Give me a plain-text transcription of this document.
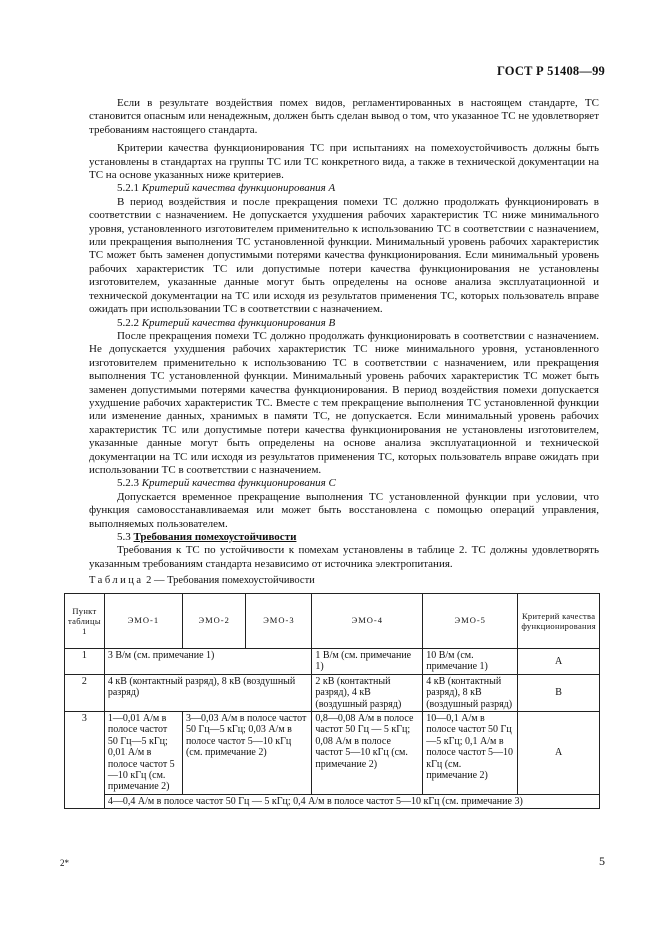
ГОСТ Р 51408—99

Если в результате воздействия помех видов, регламентированных в настоящем стандарте, ТС становится опасным или ненадежным, должен быть сделан вывод о том, что указанное ТС не удовлетворяет требованиям настоящего стандарта.

Критерии качества функционирования ТС при испытаниях на помехоустойчивость должны быть установлены в стандартах на группы ТС или ТС конкретного вида, а также в технической документации на ТС на основе указанных ниже критериев.

5.2.1 Критерий качества функционирования А

В период воздействия и после прекращения помехи ТС должно продолжать функционировать в соответствии с назначением. Не допускается ухудшения рабочих характеристик ТС ниже минимального уровня, установленного изготовителем применительно к использованию ТС в соответствии с назначением, или прекращения выполнения ТС установленной функции. Минимальный уровень рабочих характеристик ТС может быть заменен допустимыми потерями качества функционирования. Если минимальный уровень рабочих характеристик ТС или допустимые потери качества функционирования не установлены изготовителем, указанные данные могут быть определены на основе анализа эксплуатационной и технической документации на ТС или исходя из результатов применения ТС, которых пользователь вправе ожидать при использовании ТС в соответствии с назначением.

5.2.2 Критерий качества функционирования В

После прекращения помехи ТС должно продолжать функционировать в соответствии с назначением. Не допускается ухудшения рабочих характеристик ТС ниже минимального уровня, установленного изготовителем применительно к использованию ТС в соответствии с назначением, или прекращения выполнения ТС установленной функции. Минимальный уровень рабочих характеристик ТС может быть заменен допустимыми потерями качества функционирования. В период воздействия помехи допускается ухудшение рабочих характеристик ТС. Вместе с тем прекращение выполнения ТС установленной функции или изменение данных, хранимых в памяти ТС, не допускается. Если минимальный уровень рабочих характеристик ТС или допустимые потери качества функционирования не установлены изготовителем, указанные данные могут быть определены на основе анализа эксплуатационной и технической документации на ТС или исходя из результатов применения ТС, которых пользователь вправе ожидать при использовании ТС в соответствии с назначением.

5.2.3 Критерий качества функционирования С

Допускается временное прекращение выполнения ТС установленной функции при условии, что функция самовосстанавливаемая или может быть восстановлена с помощью операций управления, выполняемых пользователем.

5.3 Требования помехоустойчивости

Требования к ТС по устойчивости к помехам установлены в таблице 2. ТС должны удовлетворять указанным требованиям стандарта независимо от источника электропитания.

Таблица 2 — Требования помехоустойчивости
Пункт таблицы 1	ЭМО-1	ЭМО-2	ЭМО-3	ЭМО-4	ЭМО-5	Критерий качества функционирования
1	3 В/м (см. примечание 1)			1 В/м (см. примечание 1)	10 В/м (см. примечание 1)	А
2	4 кВ (контактный разряд), 8 кВ (воздушный разряд)			2 кВ (контактный разряд), 4 кВ (воздушный разряд)	4 кВ (контактный разряд), 8 кВ (воздушный разряд)	В
3	1—0,01 А/м в полосе частот 50 Гц—5 кГц; 0,01 А/м в полосе частот 5—10 кГц (см. примечание 2)	3—0,03 А/м в полосе частот 50 Гц—5 кГц; 0,03 А/м в полосе частот 5—10 кГц (см. примечание 2)		0,8—0,08 А/м в полосе частот 50 Гц — 5 кГц; 0,08 А/м в полосе частот 5—10 кГц (см. примечание 2)	10—0,1 А/м в полосе частот 50 Гц—5 кГц; 0,1 А/м в полосе частот 5—10 кГц (см. примечание 2)	А
	4—0,4 А/м в полосе частот 50 Гц — 5 кГц; 0,4 А/м в полосе частот 5—10 кГц (см. примечание 3)					
2*	5
